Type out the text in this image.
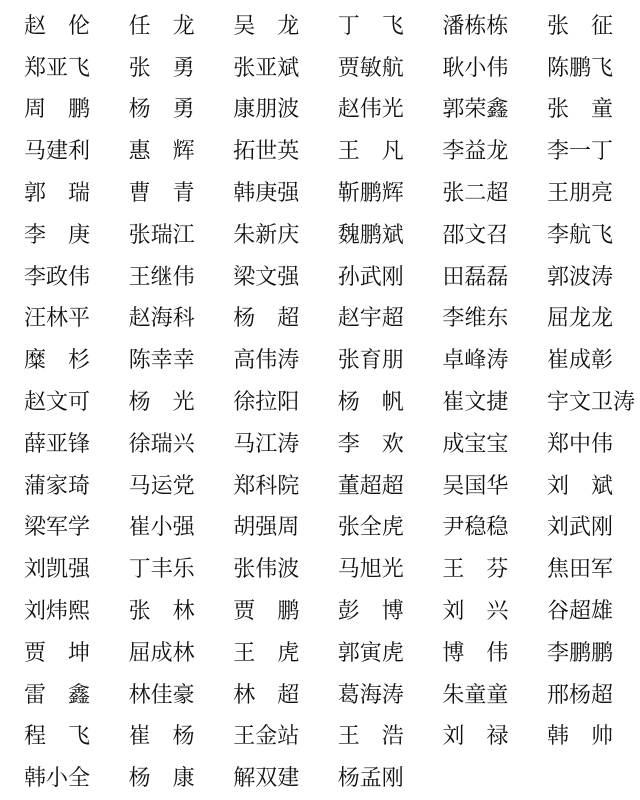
赵　伦	任　龙	吴　龙	丁　飞	潘栋栋	张　征
郑亚飞	张　勇	张亚斌	贾敏航	耿小伟	陈鹏飞
周　鹏	杨　勇	康朋波	赵伟光	郭荣鑫	张　童
马建利	惠　辉	拓世英	王　凡	李益龙	李一丁
郭　瑞	曹　青	韩庚强	靳鹏辉	张二超	王朋亮
李　庚	张瑞江	朱新庆	魏鹏斌	邵文召	李航飞
李政伟	王继伟	梁文强	孙武刚	田磊磊	郭波涛
汪林平	赵海科	杨　超	赵宇超	李维东	屈龙龙
糜　杉	陈幸幸	高伟涛	张育朋	卓峰涛	崔成彰
赵文可	杨　光	徐拉阳	杨　帆	崔文捷	宇文卫涛
薛亚锋	徐瑞兴	马江涛	李　欢	成宝宝	郑中伟
蒲家琦	马运党	郑科院	董超超	吴国华	刘　斌
梁军学	崔小强	胡强周	张全虎	尹稳稳	刘武刚
刘凯强	丁丰乐	张伟波	马旭光	王　芬	焦田军
刘炜熙	张　林	贾　鹏	彭　博	刘　兴	谷超雄
贾　坤	屈成林	王　虎	郭寅虎	博　伟	李鹏鹏
雷　鑫	林佳豪	林　超	葛海涛	朱童童	邢杨超
程　飞	崔　杨	王金站	王　浩	刘　禄	韩　帅
韩小全	杨　康	解双建	杨孟刚
